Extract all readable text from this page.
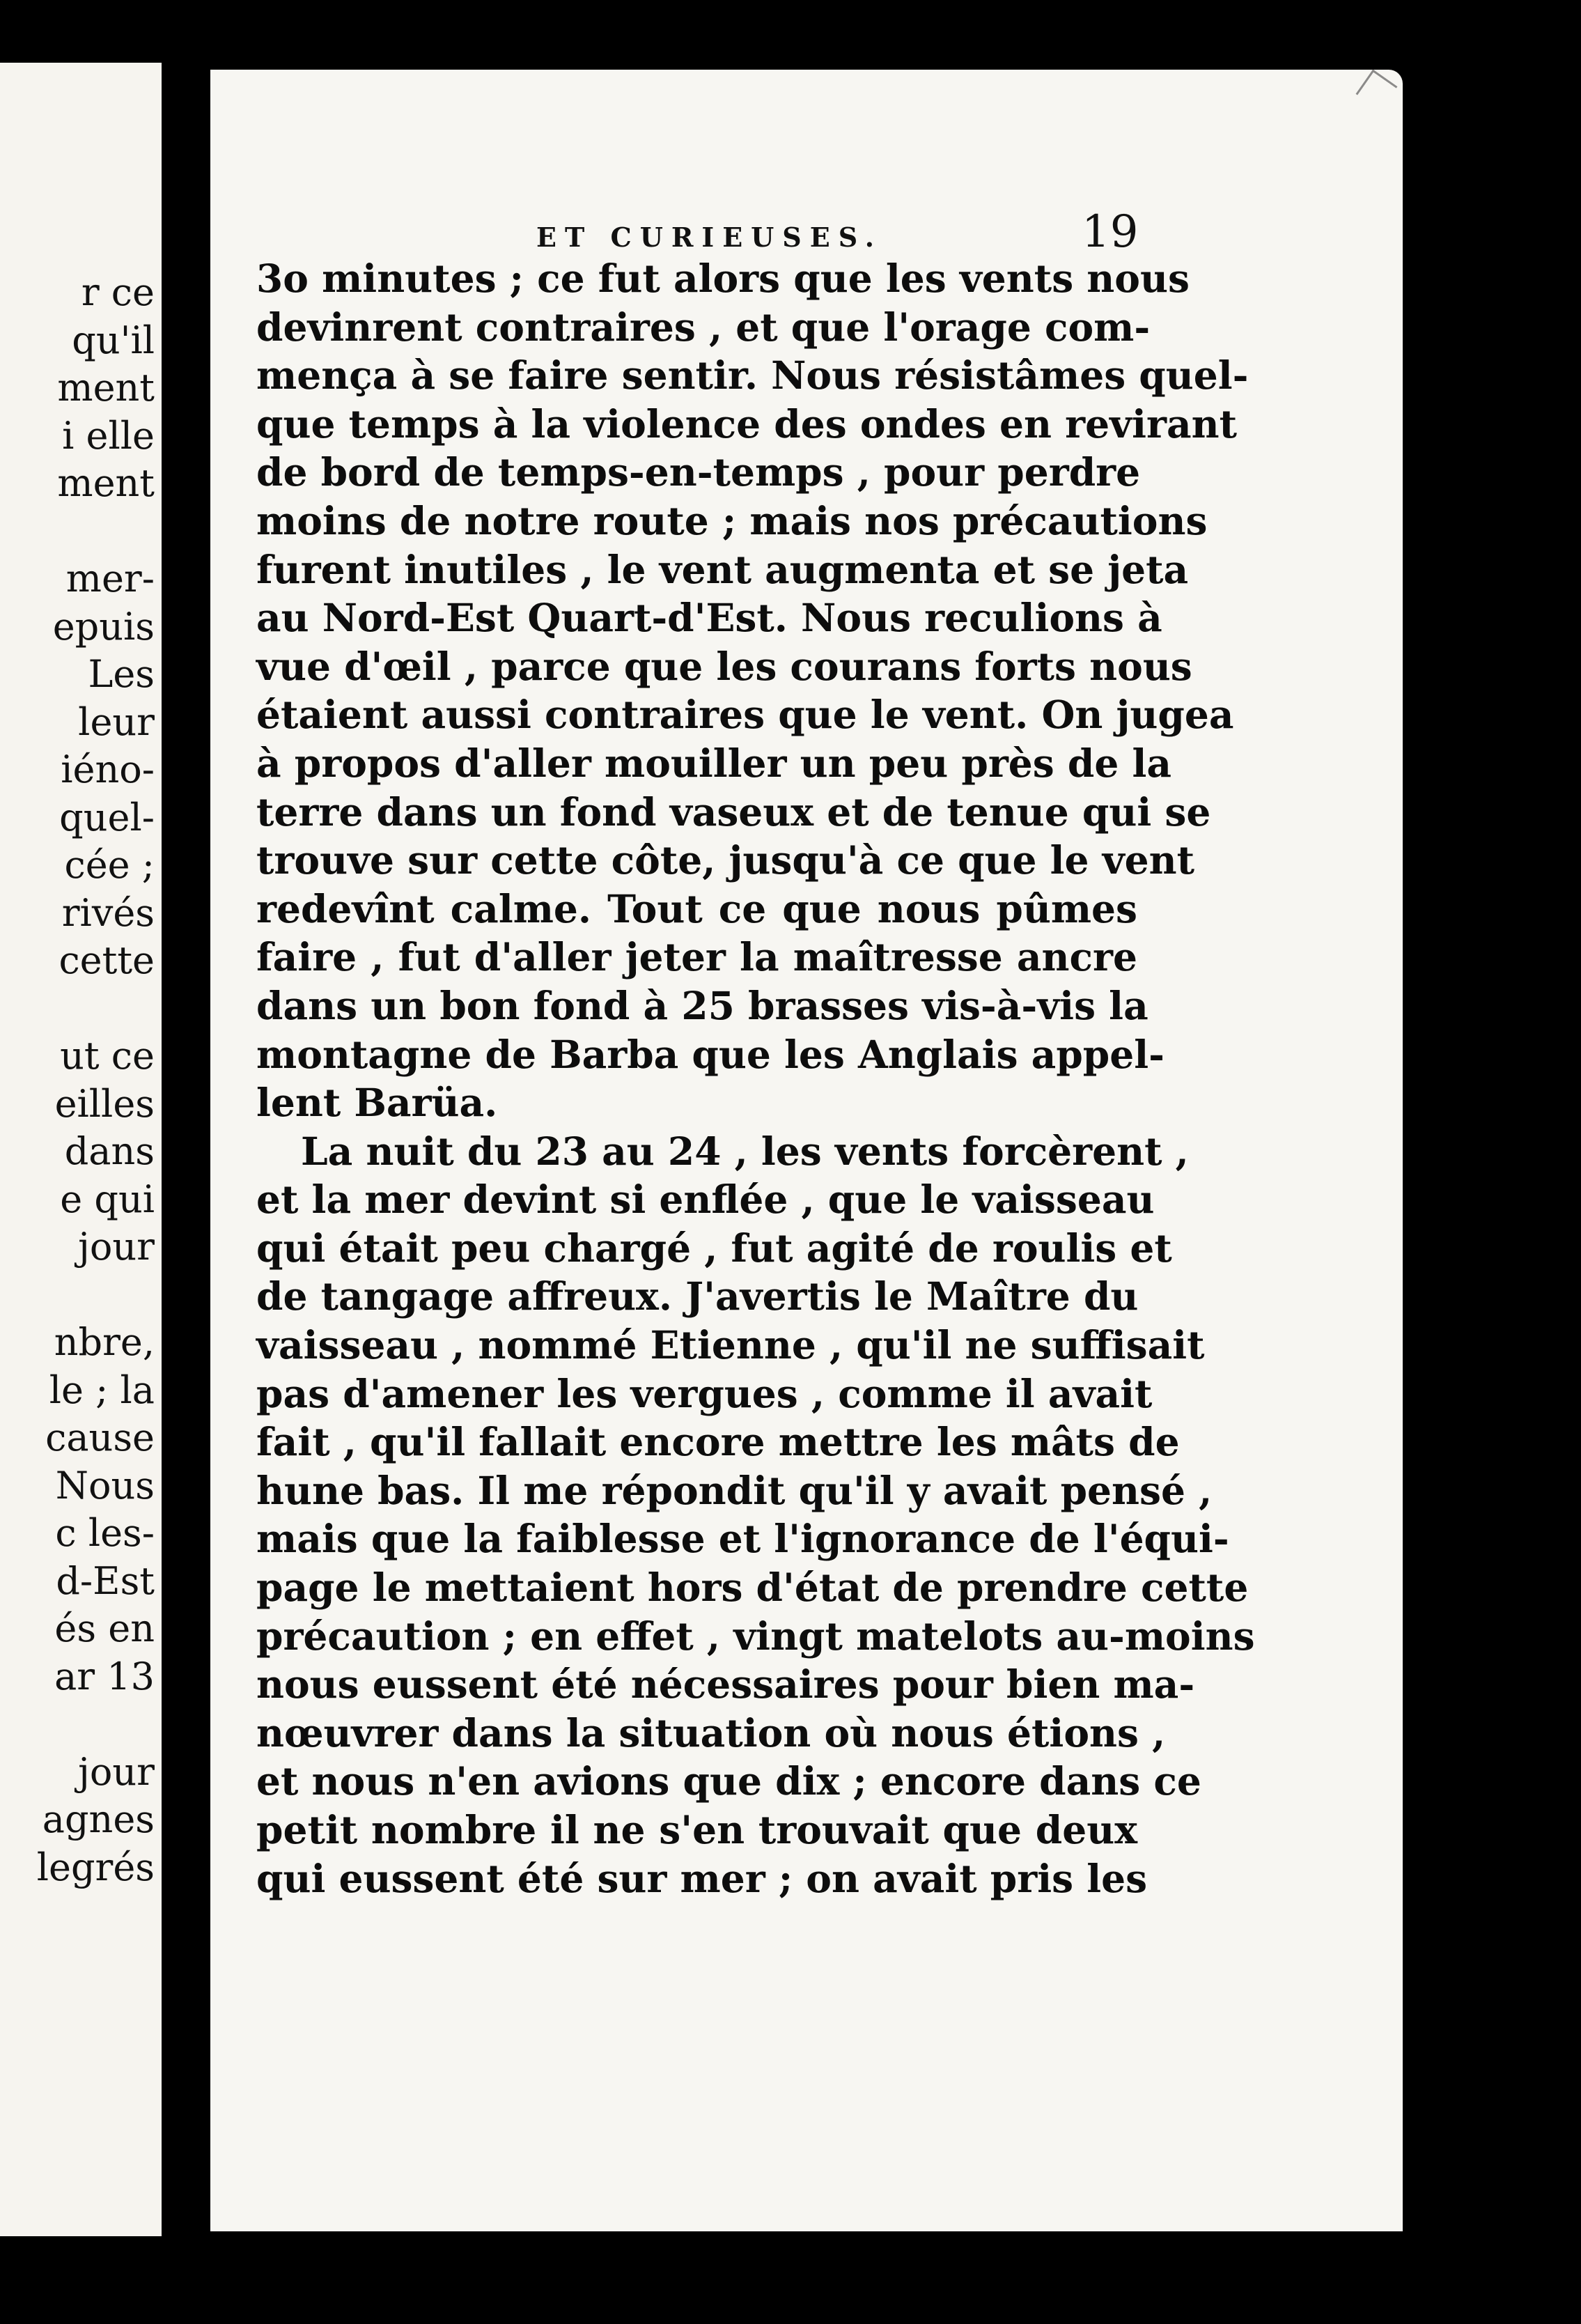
r ce
qu'il
ment
i elle
ment
mer-
epuis
Les
leur
iéno-
quel-
cée ;
rivés
cette
ut ce
eilles
dans
e qui
jour
nbre,
le ; la
cause
Nous
c les-
d-Est
és en
ar 13
jour
agnes
legrés
ET CURIEUSES.	19
3o minutes ; ce fut alors que les vents nous
devinrent contraires , et que l'orage com-
mença à se faire sentir. Nous résistâmes quel-
que temps à la violence des ondes en revirant
de bord de temps-en-temps , pour perdre
moins de notre route ; mais nos précautions
furent inutiles , le vent augmenta et se jeta
au Nord-Est Quart-d'Est. Nous reculions à
vue d'œil , parce que les courans forts nous
étaient aussi contraires que le vent. On jugea
à propos d'aller mouiller un peu près de la
terre dans un fond vaseux et de tenue qui se
trouve sur cette côte, jusqu'à ce que le vent
redevînt calme. Tout ce que nous pûmes
faire , fut d'aller jeter la maîtresse ancre
dans un bon fond à 25 brasses vis-à-vis la
montagne de Barba que les Anglais appel-
lent Barüa.
La nuit du 23 au 24 , les vents forcèrent ,
et la mer devint si enflée , que le vaisseau
qui était peu chargé , fut agité de roulis et
de tangage affreux. J'avertis le Maître du
vaisseau , nommé Etienne , qu'il ne suffisait
pas d'amener les vergues , comme il avait
fait , qu'il fallait encore mettre les mâts de
hune bas. Il me répondit qu'il y avait pensé ,
mais que la faiblesse et l'ignorance de l'équi-
page le mettaient hors d'état de prendre cette
précaution ; en effet , vingt matelots au-moins
nous eussent été nécessaires pour bien ma-
nœuvrer dans la situation où nous étions ,
et nous n'en avions que dix ; encore dans ce
petit nombre il ne s'en trouvait que deux
qui eussent été sur mer ; on avait pris les
